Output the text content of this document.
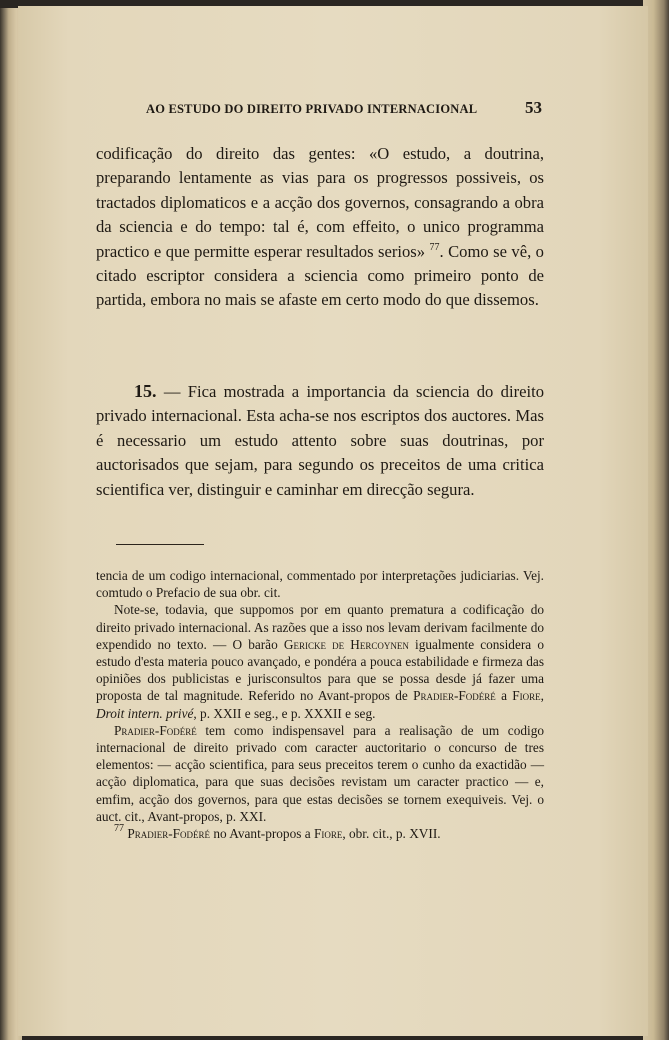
AO ESTUDO DO DIREITO PRIVADO INTERNACIONAL	53
codificação do direito das gentes: «O estudo, a doutrina, preparando lentamente as vias para os progressos possiveis, os tractados diplomaticos e a acção dos governos, consagrando a obra da sciencia e do tempo: tal é, com effeito, o unico programma practico e que permitte esperar resultados serios» $^{77}$. Como se vê, o citado escriptor considera a sciencia como primeiro ponto de partida, embora no mais se afaste em certo modo do que dissemos.
15. — Fica mostrada a importancia da sciencia do direito privado internacional. Esta acha-se nos escriptos dos auctores. Mas é necessario um estudo attento sobre suas doutrinas, por auctorisados que sejam, para segundo os preceitos de uma critica scientifica ver, distinguir e caminhar em direcção segura.

tencia de um codigo internacional, commentado por interpretações judiciarias. Vej. comtudo o Prefacio de sua obr. cit.

Note-se, todavia, que suppomos por em quanto prematura a codificação do direito privado internacional. As razões que a isso nos levam derivam facilmente do expendido no texto. — O barão Gericke de Hercoynen igualmente considera o estudo d'esta materia pouco avançado, e pondéra a pouca estabilidade e firmeza das opiniões dos publicistas e jurisconsultos para que se possa desde já fazer uma proposta de tal magnitude. Referido no Avant-propos de Pradier-Fodéré a Fiore, Droit intern. privé, p. XXII e seg., e p. XXXII e seg.

Pradier-Fodéré tem como indispensavel para a realisação de um codigo internacional de direito privado com caracter auctoritario o concurso de tres elementos: — acção scientifica, para seus preceitos terem o cunho da exactidão — acção diplomatica, para que suas decisões revistam um caracter practico — e, emfim, acção dos governos, para que estas decisões se tornem exequiveis. Vej. o auct. cit., Avant-propos, p. XXI.

$^{77}$ Pradier-Fodéré no Avant-propos a Fiore, obr. cit., p. XVII.
